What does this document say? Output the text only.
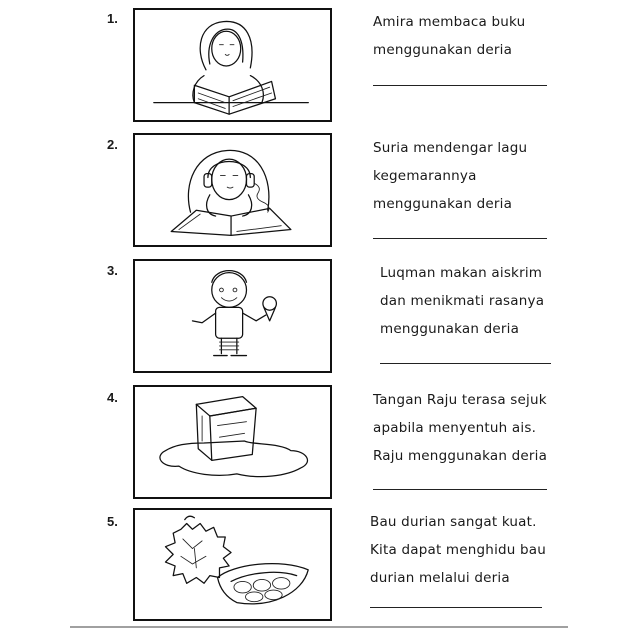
1.	Amira membaca buku
menggunakan deria
2.	Suria mendengar lagu
kegemarannya
menggunakan deria
3.	Luqman makan aiskrim
dan menikmati rasanya
menggunakan deria
4.	Tangan Raju terasa sejuk
apabila menyentuh ais.
Raju menggunakan deria
5.	Bau durian sangat kuat.
Kita dapat menghidu bau
durian melalui deria
